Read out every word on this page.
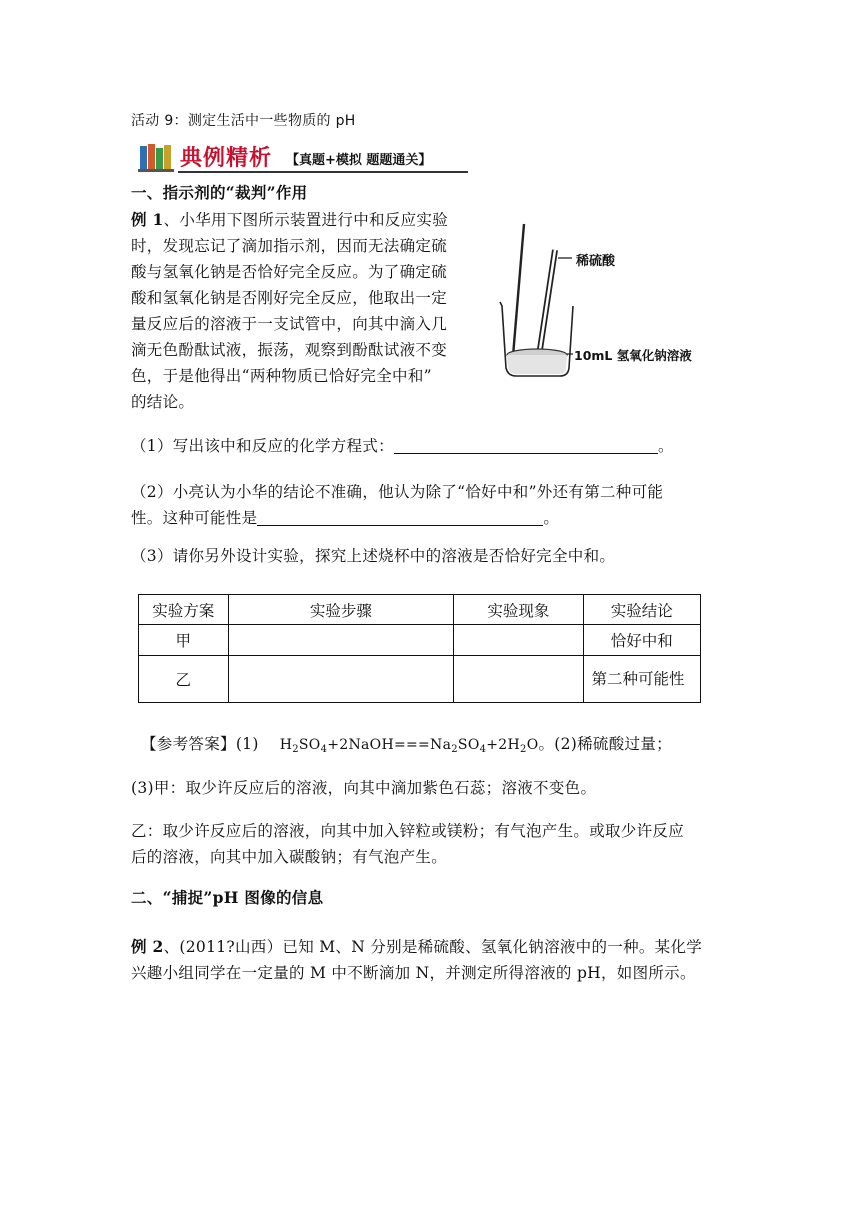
活动 9：测定生活中一些物质的 pH
典例精析 【真题+模拟 题题通关】
一、指示剂的“裁判”作用
例 1、小华用下图所示装置进行中和反应实验
时，发现忘记了滴加指示剂，因而无法确定硫
酸与氢氧化钠是否恰好完全反应。为了确定硫
酸和氢氧化钠是否刚好完全反应，他取出一定
量反应后的溶液于一支试管中，向其中滴入几
滴无色酚酞试液，振荡，观察到酚酞试液不变
色，于是他得出“两种物质已恰好完全中和”
的结论。
稀硫酸
10mL 氢氧化钠溶液
（1）写出该中和反应的化学方程式：	。
（2）小亮认为小华的结论不准确，他认为除了“恰好中和”外还有第二种可能
性。这种可能性是	。
（3）请你另外设计实验，探究上述烧杯中的溶液是否恰好完全中和。
实验方案	实验步骤	实验现象	实验结论
甲			恰好中和
乙			第二种可能性
【参考答案】(1)　 $H_2SO_4+2NaOH===Na_2SO_4+2H_2O$。(2)稀硫酸过量；
(3)甲：取少许反应后的溶液，向其中滴加紫色石蕊；溶液不变色。
乙：取少许反应后的溶液，向其中加入锌粒或镁粉；有气泡产生。或取少许反应
后的溶液，向其中加入碳酸钠；有气泡产生。
二、“捕捉”pH 图像的信息
例 2、(2011?山西）已知 M、N 分别是稀硫酸、氢氧化钠溶液中的一种。某化学
兴趣小组同学在一定量的 M 中不断滴加 N，并测定所得溶液的 pH，如图所示。
